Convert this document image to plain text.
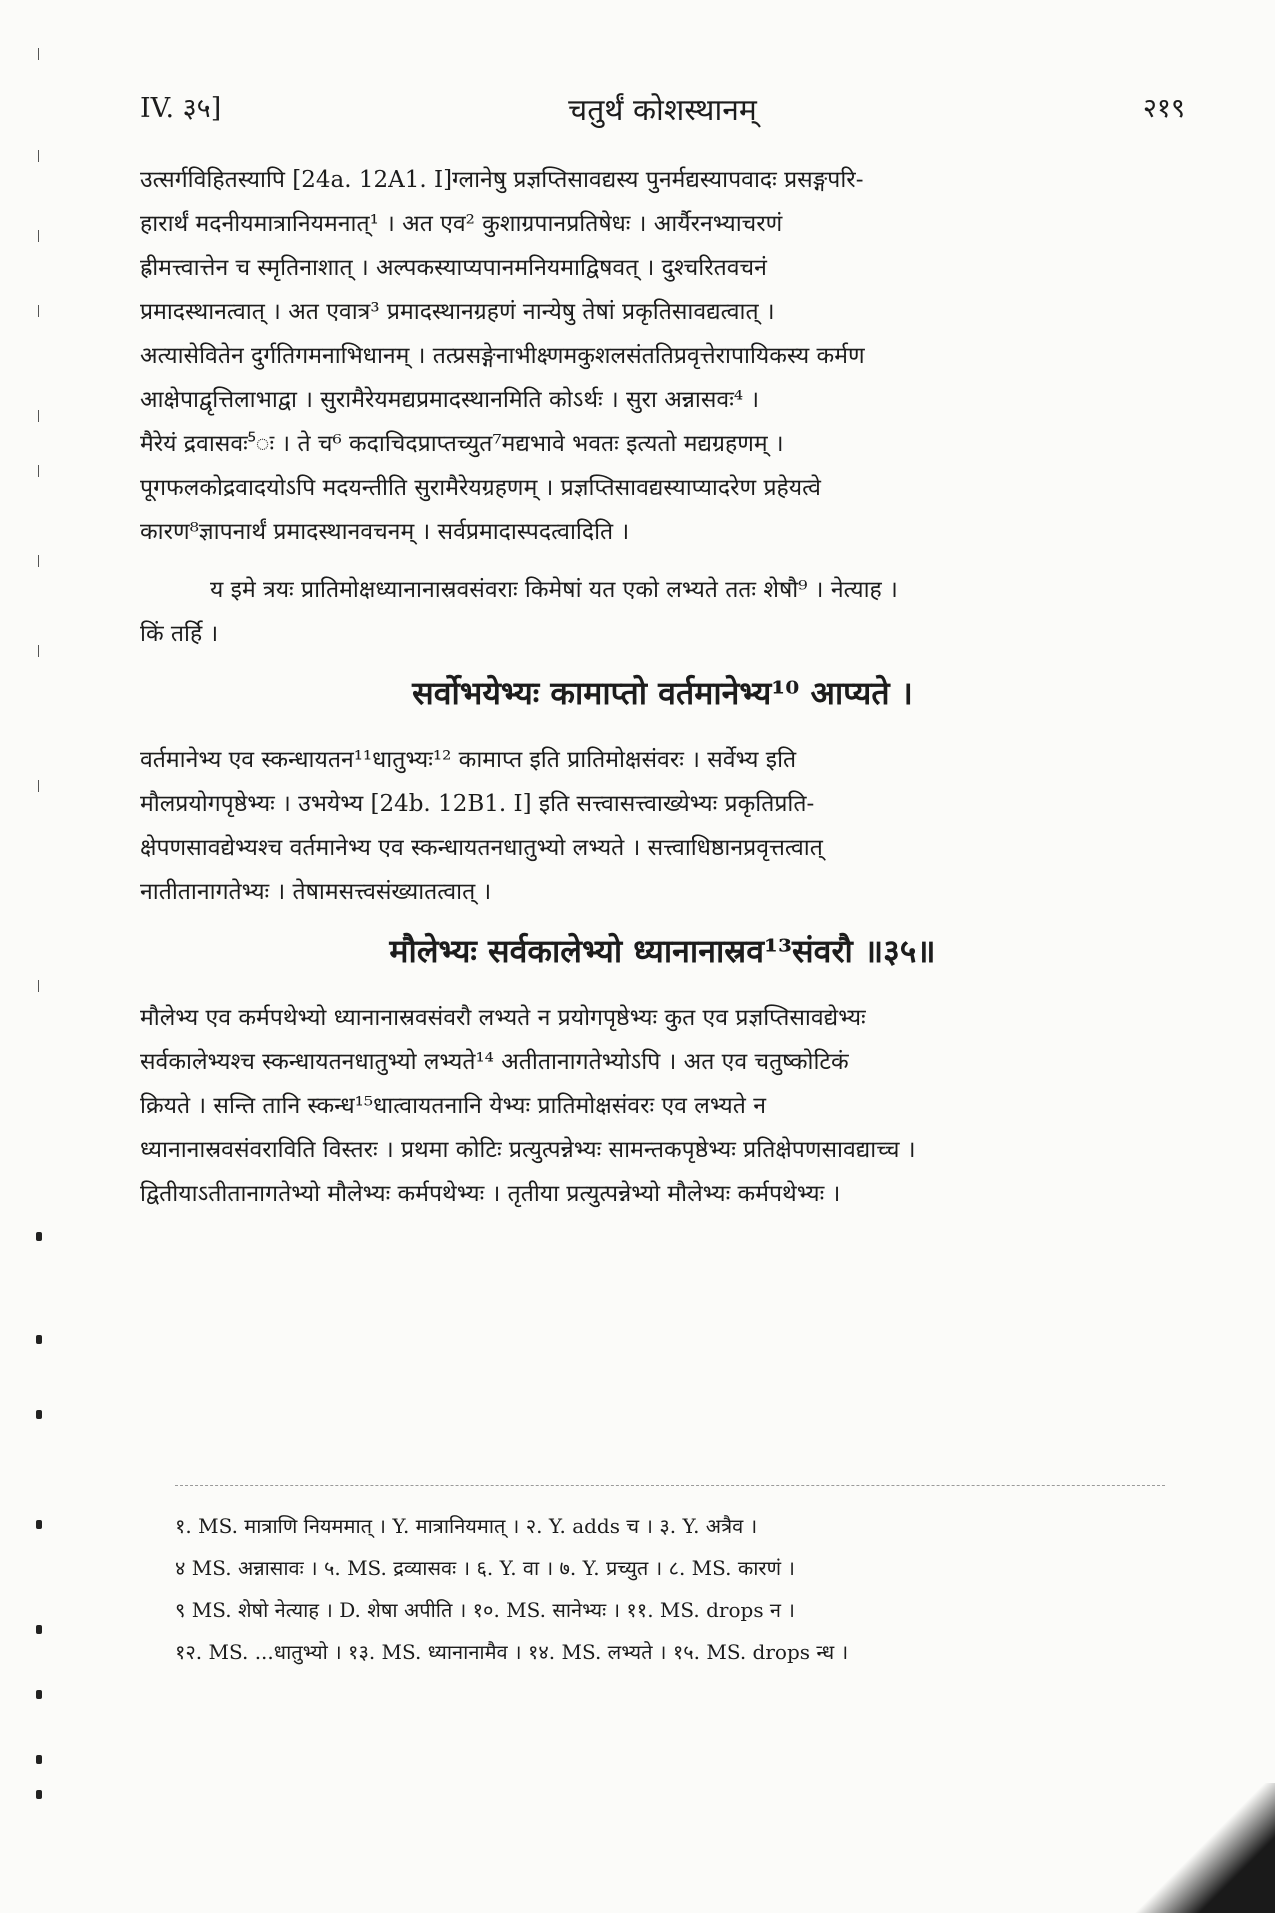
IV. ३५]	चतुर्थं कोशस्थानम्	२१९
उत्सर्गविहितस्यापि [24a. 12A1. I]ग्लानेषु प्रज्ञप्तिसावद्यस्य पुनर्मद्यस्यापवादः प्रसङ्गपरि-
हारार्थं मदनीयमात्रानियमनात्¹ । अत एव² कुशाग्रपानप्रतिषेधः । आर्यैरनभ्याचरणं
ह्रीमत्त्वात्तेन च स्मृतिनाशात् । अल्पकस्याप्यपानमनियमाद्विषवत् । दुश्चरितवचनं
प्रमादस्थानत्वात् । अत एवात्र³ प्रमादस्थानग्रहणं नान्येषु तेषां प्रकृतिसावद्यत्वात् ।
अत्यासेवितेन दुर्गतिगमनाभिधानम् । तत्प्रसङ्गेनाभीक्ष्णमकुशलसंततिप्रवृत्तेरापायिकस्य कर्मण
आक्षेपाद्वृत्तिलाभाद्वा । सुरामैरेयमद्यप्रमादस्थानमिति कोऽर्थः । सुरा अन्नासवः⁴ ।
मैरेयं द्रवासवः⁵ः । ते च⁶ कदाचिदप्राप्तच्युत⁷मद्यभावे भवतः इत्यतो मद्यग्रहणम् ।
पूगफलकोद्रवादयोऽपि मदयन्तीति सुरामैरेयग्रहणम् । प्रज्ञप्तिसावद्यस्याप्यादरेण प्रहेयत्वे
कारण⁸ज्ञापनार्थं प्रमादस्थानवचनम् । सर्वप्रमादास्पदत्वादिति ।
य इमे त्रयः प्रातिमोक्षध्यानानास्रवसंवराः किमेषां यत एको लभ्यते ततः शेषौ⁹ । नेत्याह ।
किं तर्हि ।
सर्वोभयेभ्यः कामाप्तो वर्तमानेभ्य¹⁰ आप्यते ।
वर्तमानेभ्य एव स्कन्धायतन¹¹धातुभ्यः¹² कामाप्त इति प्रातिमोक्षसंवरः । सर्वेभ्य इति
मौलप्रयोगपृष्ठेभ्यः । उभयेभ्य [24b. 12B1. I] इति सत्त्वासत्त्वाख्येभ्यः प्रकृतिप्रति-
क्षेपणसावद्येभ्यश्च वर्तमानेभ्य एव स्कन्धायतनधातुभ्यो लभ्यते । सत्त्वाधिष्ठानप्रवृत्तत्वात्
नातीतानागतेभ्यः । तेषामसत्त्वसंख्यातत्वात् ।
मौलेभ्यः सर्वकालेभ्यो ध्यानानास्रव¹³संवरौ ॥३५॥
मौलेभ्य एव कर्मपथेभ्यो ध्यानानास्रवसंवरौ लभ्यते न प्रयोगपृष्ठेभ्यः कुत एव प्रज्ञप्तिसावद्येभ्यः
सर्वकालेभ्यश्च स्कन्धायतनधातुभ्यो लभ्यते¹⁴ अतीतानागतेभ्योऽपि । अत एव चतुष्कोटिकं
क्रियते । सन्ति तानि स्कन्ध¹⁵धात्वायतनानि येभ्यः प्रातिमोक्षसंवरः एव लभ्यते न
ध्यानानास्रवसंवराविति विस्तरः । प्रथमा कोटिः प्रत्युत्पन्नेभ्यः सामन्तकपृष्ठेभ्यः प्रतिक्षेपणसावद्याच्च ।
द्वितीयाऽतीतानागतेभ्यो मौलेभ्यः कर्मपथेभ्यः । तृतीया प्रत्युत्पन्नेभ्यो मौलेभ्यः कर्मपथेभ्यः ।
१. MS. मात्राणि नियममात् । Y. मात्रानियमात् । २. Y. adds च । ३. Y. अत्रैव ।
४ MS. अन्नासावः । ५. MS. द्रव्यासवः । ६. Y. वा । ७. Y. प्रच्युत । ८. MS. कारणं ।
९ MS. शेषो नेत्याह । D. शेषा अपीति । १०. MS. सानेभ्यः । ११. MS. drops न ।
१२. MS. ...धातुभ्यो । १३. MS. ध्यानानामैव । १४. MS. लभ्यते । १५. MS. drops न्ध ।
